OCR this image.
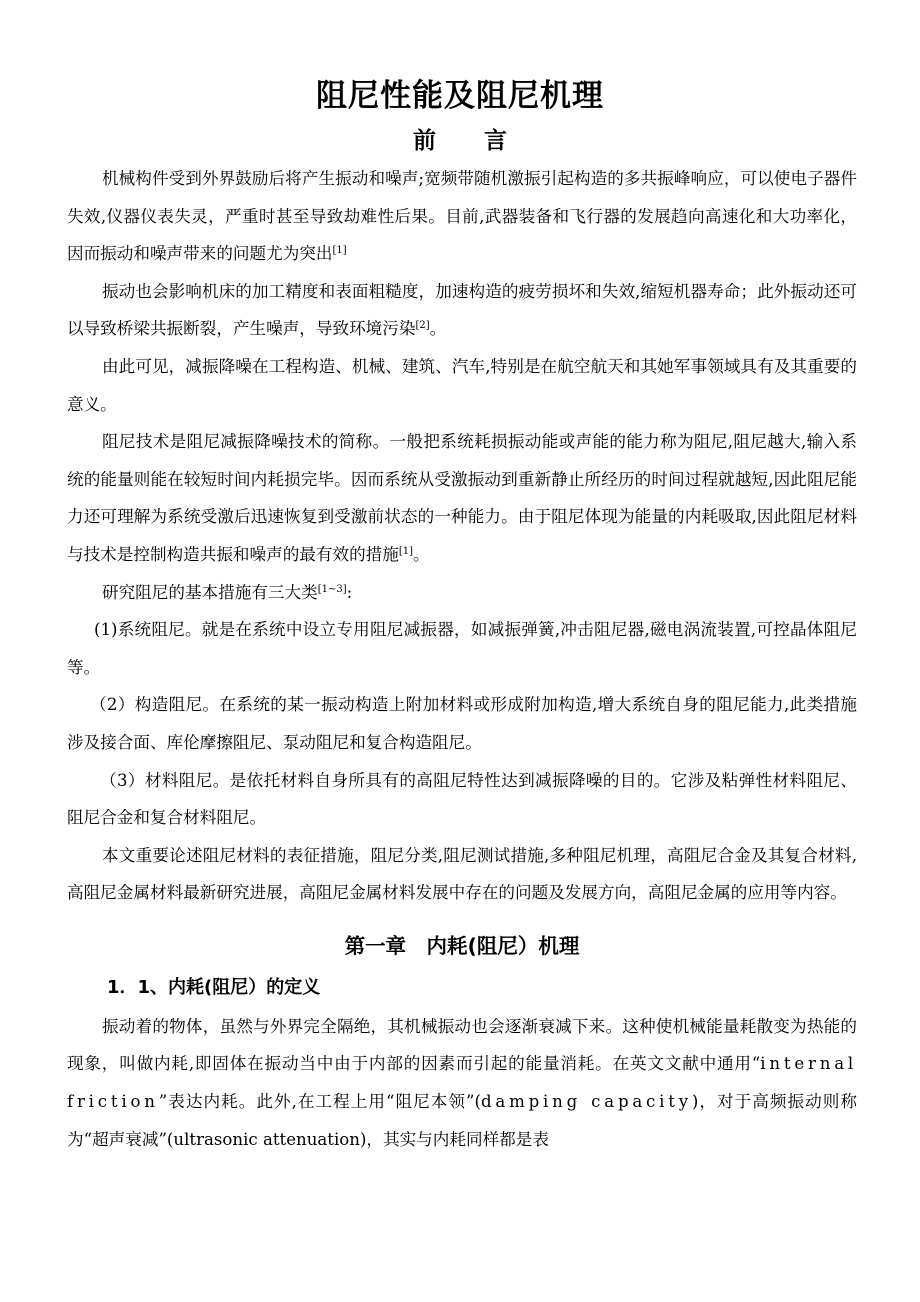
阻尼性能及阻尼机理
前言

机械构件受到外界鼓励后将产生振动和噪声;宽频带随机激振引起构造的多共振峰响应，可以使电子器件失效,仪器仪表失灵，严重时甚至导致劫难性后果。目前,武器装备和飞行器的发展趋向高速化和大功率化，因而振动和噪声带来的问题尤为突出[1]

振动也会影响机床的加工精度和表面粗糙度，加速构造的疲劳损坏和失效,缩短机器寿命；此外振动还可以导致桥梁共振断裂，产生噪声，导致环境污染[2]。

由此可见，减振降噪在工程构造、机械、建筑、汽车,特别是在航空航天和其她军事领域具有及其重要的意义。

阻尼技术是阻尼减振降噪技术的简称。一般把系统耗损振动能或声能的能力称为阻尼,阻尼越大,输入系统的能量则能在较短时间内耗损完毕。因而系统从受激振动到重新静止所经历的时间过程就越短,因此阻尼能力还可理解为系统受激后迅速恢复到受激前状态的一种能力。由于阻尼体现为能量的内耗吸取,因此阻尼材料与技术是控制构造共振和噪声的最有效的措施[1]。

研究阻尼的基本措施有三大类[1~3]:

(1)系统阻尼。就是在系统中设立专用阻尼减振器，如减振弹簧,冲击阻尼器,磁电涡流装置,可控晶体阻尼等。

（2）构造阻尼。在系统的某一振动构造上附加材料或形成附加构造,增大系统自身的阻尼能力,此类措施涉及接合面、库伦摩擦阻尼、泵动阻尼和复合构造阻尼。

（3）材料阻尼。是依托材料自身所具有的高阻尼特性达到减振降噪的目的。它涉及粘弹性材料阻尼、阻尼合金和复合材料阻尼。

本文重要论述阻尼材料的表征措施，阻尼分类,阻尼测试措施,多种阻尼机理，高阻尼合金及其复合材料,高阻尼金属材料最新研究进展，高阻尼金属材料发展中存在的问题及发展方向，高阻尼金属的应用等内容。

第一章　内耗(阻尼）机理
1．1、内耗(阻尼）的定义

振动着的物体，虽然与外界完全隔绝，其机械振动也会逐渐衰减下来。这种使机械能量耗散变为热能的现象，叫做内耗,即固体在振动当中由于内部的因素而引起的能量消耗。在英文文献中通用“internal friction”表达内耗。此外,在工程上用“阻尼本领”(damping capacity)，对于高频振动则称为“超声衰减”(ultrasonic attenuation)，其实与内耗同样都是表
